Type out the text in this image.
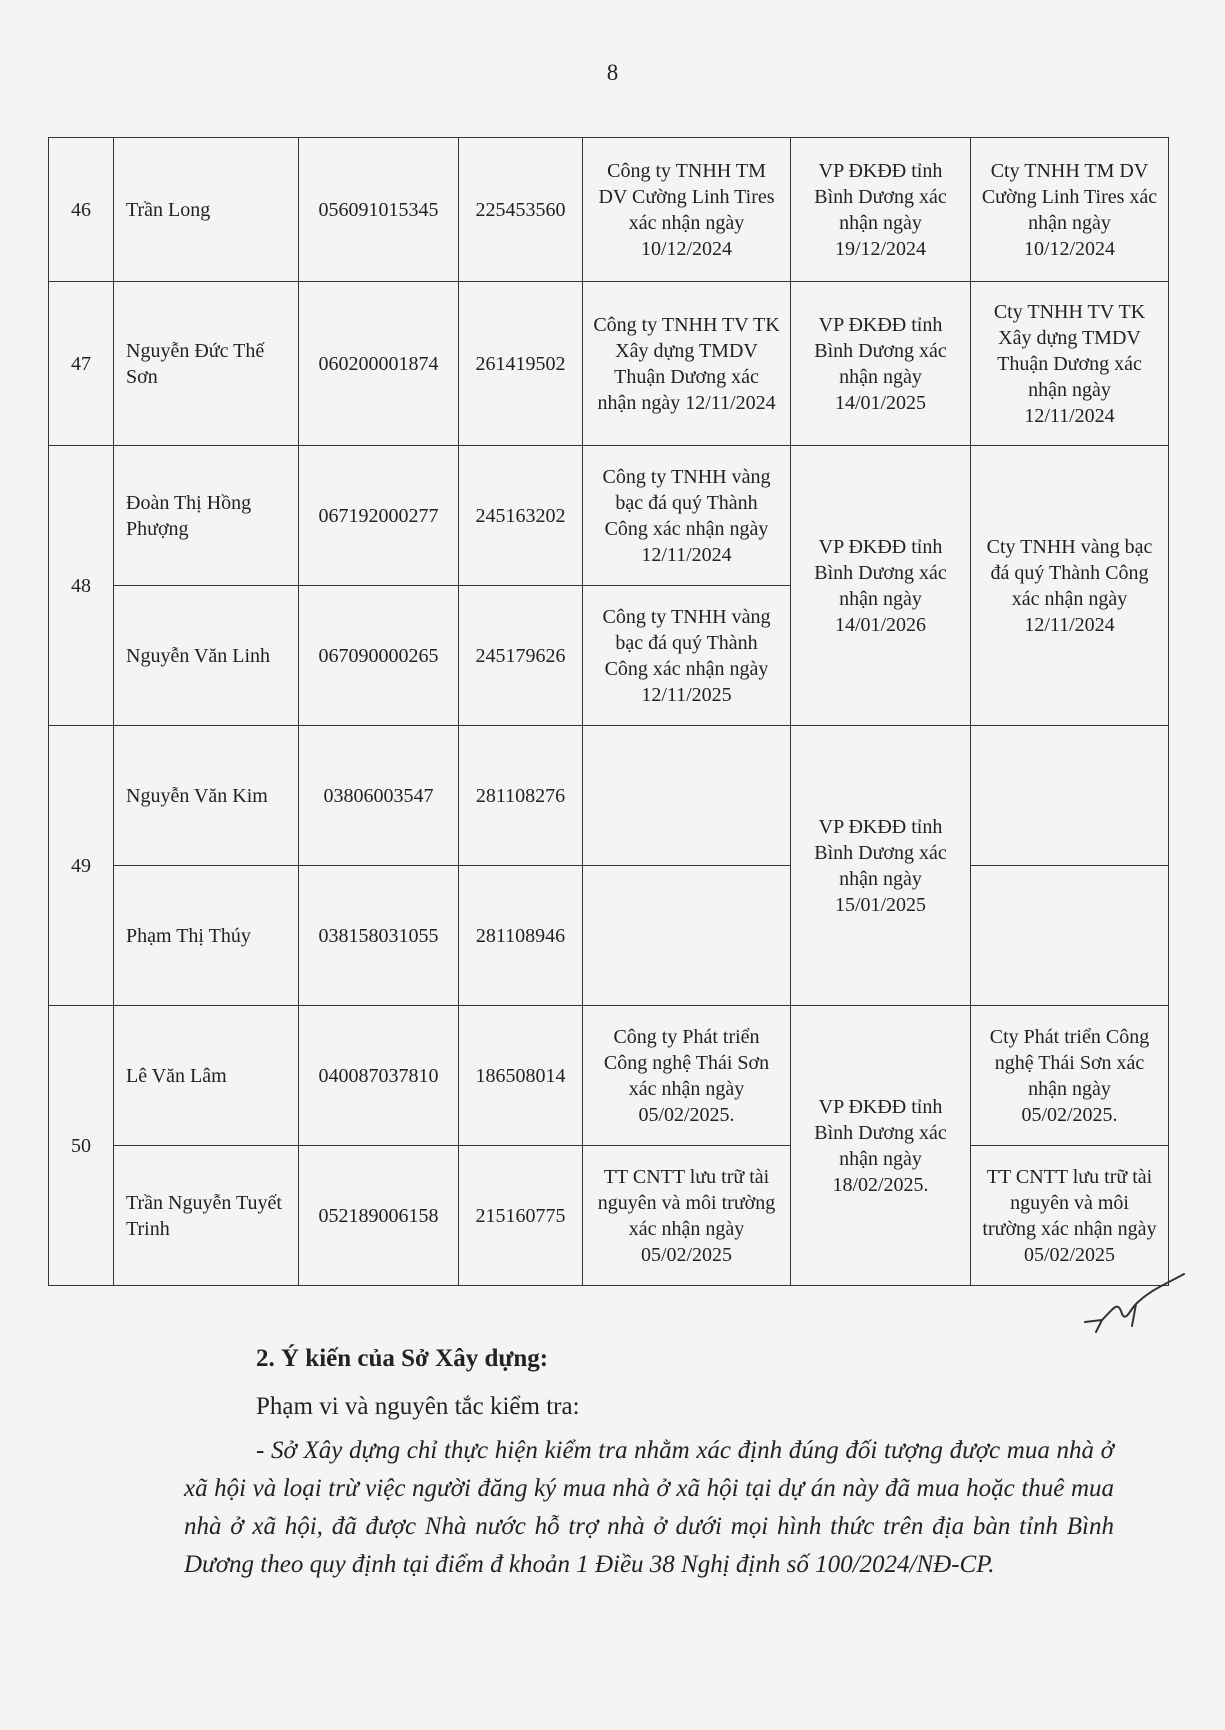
8
46	Trần Long	056091015345	225453560	Công ty TNHH TM DV Cường Linh Tires xác nhận ngày 10/12/2024	VP ĐKĐĐ tỉnh Bình Dương xác nhận ngày 19/12/2024	Cty TNHH TM DV Cường Linh Tires xác nhận ngày 10/12/2024
47	Nguyễn Đức Thế Sơn	060200001874	261419502	Công ty TNHH TV TK Xây dựng TMDV Thuận Dương xác nhận ngày 12/11/2024	VP ĐKĐĐ tỉnh Bình Dương xác nhận ngày 14/01/2025	Cty TNHH TV TK Xây dựng TMDV Thuận Dương xác nhận ngày 12/11/2024
48	Đoàn Thị Hồng Phượng	067192000277	245163202	Công ty TNHH vàng bạc đá quý Thành Công xác nhận ngày 12/11/2024	VP ĐKĐĐ tỉnh Bình Dương xác nhận ngày 14/01/2026	Cty TNHH vàng bạc đá quý Thành Công xác nhận ngày 12/11/2024
	Nguyễn Văn Linh	067090000265	245179626	Công ty TNHH vàng bạc đá quý Thành Công xác nhận ngày 12/11/2025		
49	Nguyễn Văn Kim	03806003547	281108276		VP ĐKĐĐ tỉnh Bình Dương xác nhận ngày 15/01/2025	
	Phạm Thị Thúy	038158031055	281108946			
50	Lê Văn Lâm	040087037810	186508014	Công ty Phát triển Công nghệ Thái Sơn xác nhận ngày 05/02/2025.	VP ĐKĐĐ tỉnh Bình Dương xác nhận ngày 18/02/2025.	Cty Phát triển Công nghệ Thái Sơn xác nhận ngày 05/02/2025.
	Trần Nguyễn Tuyết Trinh	052189006158	215160775	TT CNTT lưu trữ tài nguyên và môi trường xác nhận ngày 05/02/2025		TT CNTT lưu trữ tài nguyên và môi trường xác nhận ngày 05/02/2025
2. Ý kiến của Sở Xây dựng:
Phạm vi và nguyên tắc kiểm tra:
- Sở Xây dựng chỉ thực hiện kiểm tra nhằm xác định đúng đối tượng được mua nhà ở xã hội và loại trừ việc người đăng ký mua nhà ở xã hội tại dự án này đã mua hoặc thuê mua nhà ở xã hội, đã được Nhà nước hỗ trợ nhà ở dưới mọi hình thức trên địa bàn tỉnh Bình Dương theo quy định tại điểm đ khoản 1 Điều 38 Nghị định số 100/2024/NĐ-CP.
